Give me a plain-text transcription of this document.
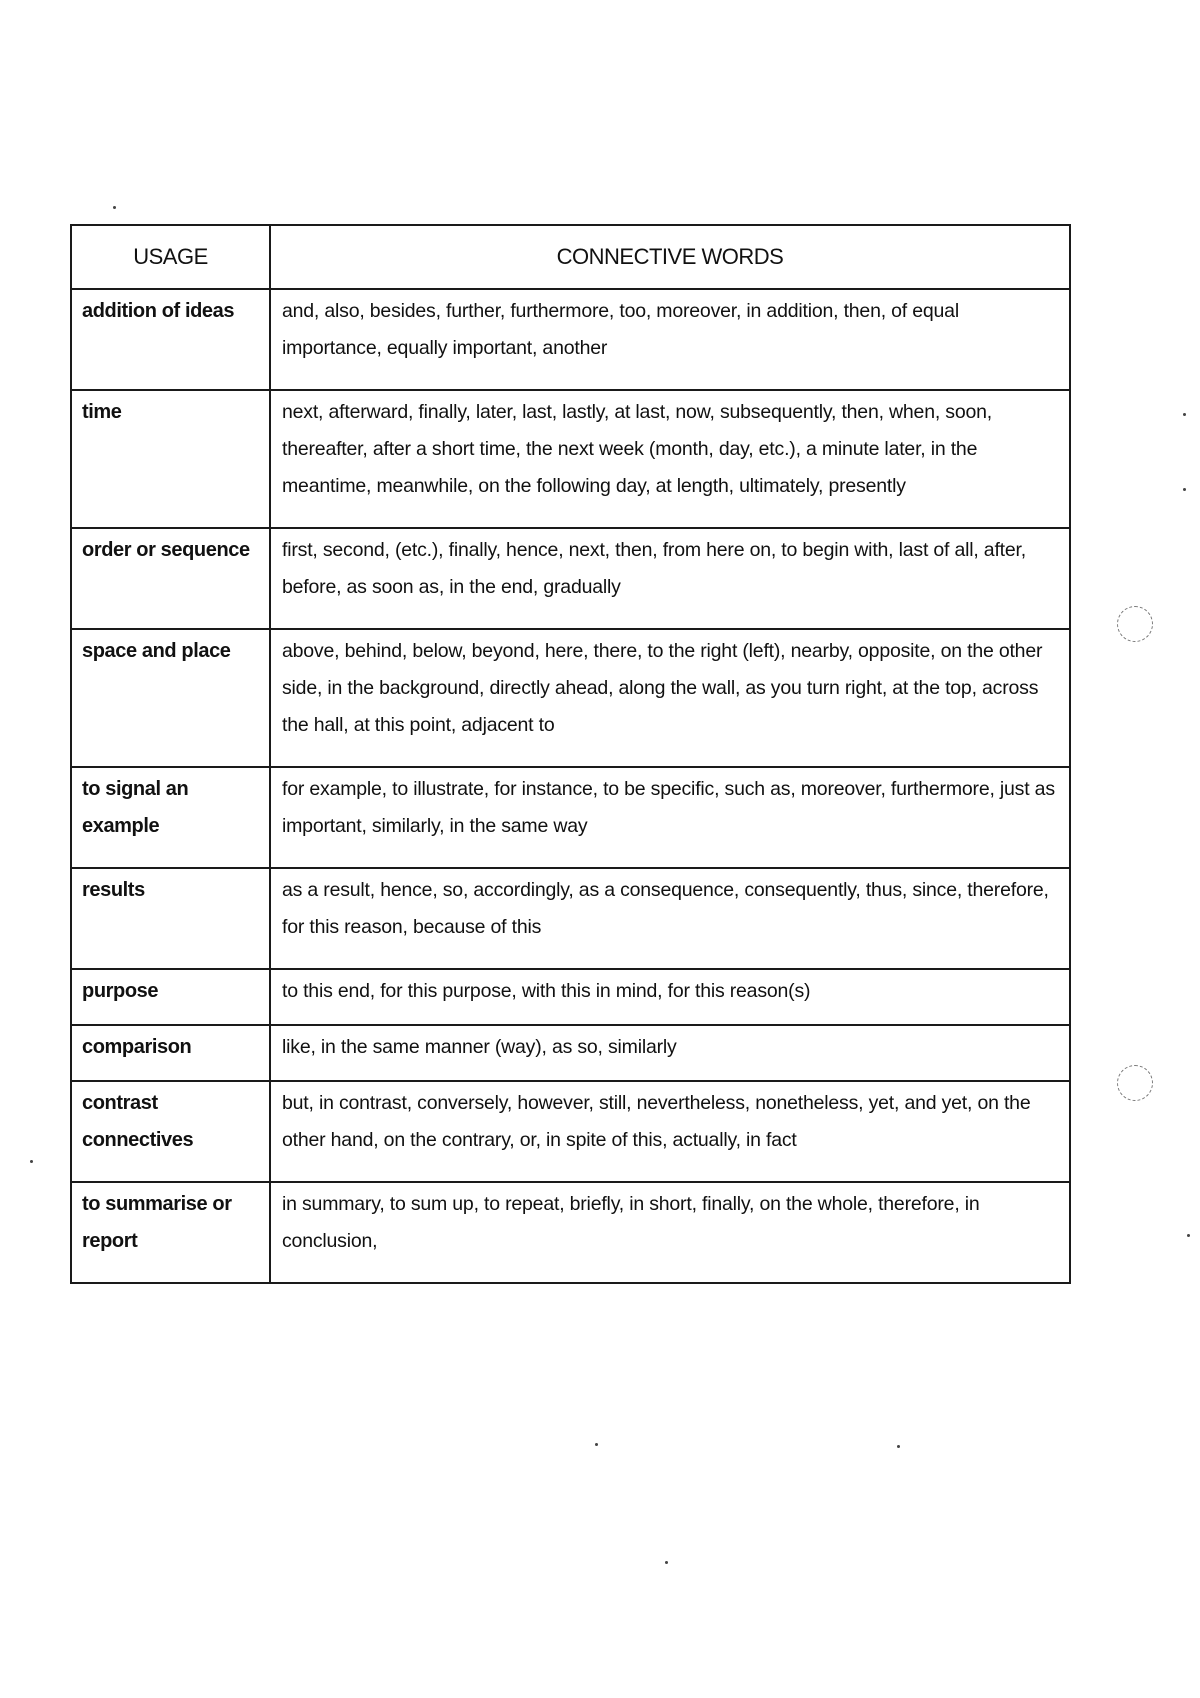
USAGE	CONNECTIVE WORDS
addition of ideas	and, also, besides, further, furthermore, too, moreover, in addition, then, of equal importance, equally important, another
time	next, afterward, finally, later, last, lastly, at last, now, subsequently, then, when, soon, thereafter, after a short time, the next week (month, day, etc.), a minute later, in the meantime, meanwhile, on the following day, at length, ultimately, presently
order or sequence	first, second, (etc.), finally, hence, next, then, from here on, to begin with, last of all, after, before, as soon as, in the end, gradually
space and place	above, behind, below, beyond, here, there, to the right (left), nearby, opposite, on the other side, in the background, directly ahead, along the wall, as you turn right, at the top, across the hall, at this point, adjacent to
to signal an example	for example, to illustrate, for instance, to be specific, such as, moreover, furthermore, just as important, similarly, in the same way
results	as a result, hence, so, accordingly, as a consequence, consequently, thus, since, therefore, for this reason, because of this
purpose	to this end, for this purpose, with this in mind, for this reason(s)
comparison	like, in the same manner (way), as so, similarly
contrast connectives	but, in contrast, conversely, however, still, nevertheless, nonetheless, yet, and yet, on the other hand, on the contrary, or, in spite of this, actually, in fact
to summarise or report	in summary, to sum up, to repeat, briefly, in short, finally, on the whole, therefore, in conclusion,
